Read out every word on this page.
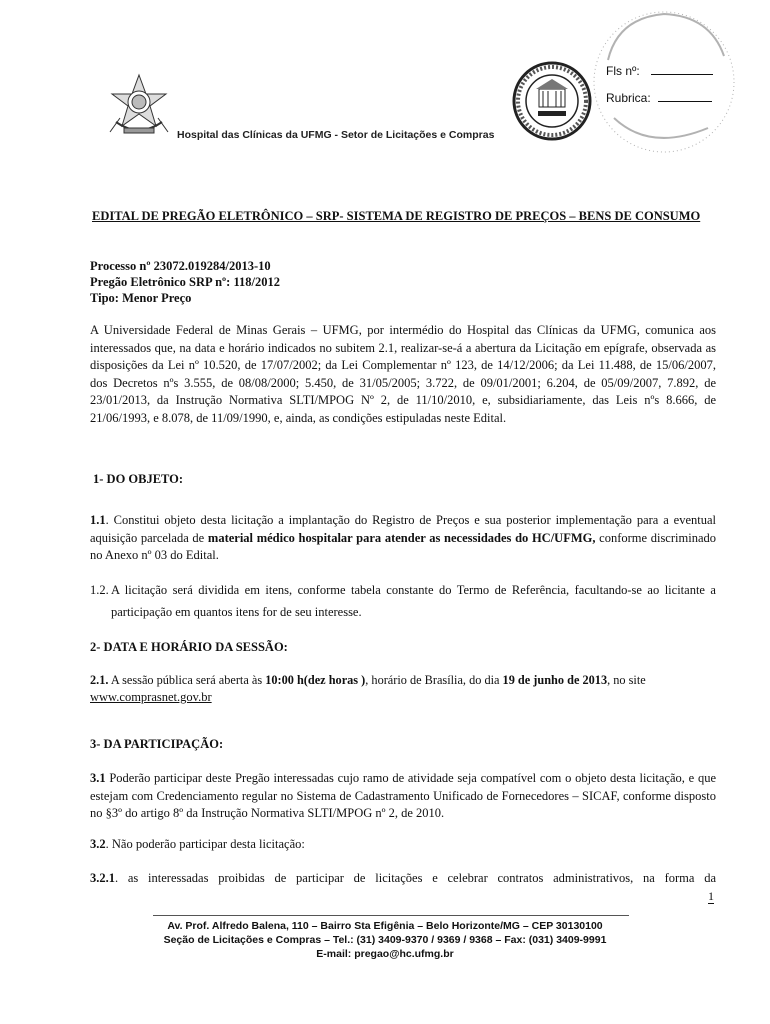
Hospital das Clínicas da UFMG - Setor de Licitações e Compras
Fls nº:
Rubrica:
EDITAL DE PREGÃO ELETRÔNICO – SRP- SISTEMA DE REGISTRO DE PREÇOS – BENS DE CONSUMO
Processo nº 23072.019284/2013-10
Pregão Eletrônico SRP nº: 118/2012
Tipo: Menor Preço
A Universidade Federal de Minas Gerais – UFMG, por intermédio do Hospital das Clínicas da UFMG, comunica aos interessados que, na data e horário indicados no subitem 2.1, realizar-se-á a abertura da Licitação em epígrafe, observada as disposições da Lei nº 10.520, de 17/07/2002; da Lei Complementar nº 123, de 14/12/2006; da Lei 11.488, de 15/06/2007, dos Decretos nºs 3.555, de 08/08/2000; 5.450, de 31/05/2005; 3.722, de 09/01/2001; 6.204, de 05/09/2007, 7.892, de 23/01/2013, da Instrução Normativa SLTI/MPOG Nº 2, de 11/10/2010, e, subsidiariamente, das Leis nºs 8.666, de 21/06/1993, e 8.078, de 11/09/1990, e, ainda, as condições estipuladas neste Edital.
1- DO OBJETO:
1.1. Constitui objeto desta licitação a implantação do Registro de Preços e sua posterior implementação para a eventual aquisição parcelada de material médico hospitalar para atender as necessidades do HC/UFMG, conforme discriminado no Anexo nº 03 do Edital.
1.2. A licitação será dividida em itens, conforme tabela constante do Termo de Referência, facultando-se ao licitante a participação em quantos itens for de seu interesse.
2- DATA E HORÁRIO DA SESSÃO:
2.1. A sessão pública será aberta às 10:00 h(dez horas ), horário de Brasília, do dia 19 de junho de 2013, no site
www.comprasnet.gov.br
3- DA PARTICIPAÇÃO:
3.1 Poderão participar deste Pregão interessadas cujo ramo de atividade seja compatível com o objeto desta licitação, e que estejam com Credenciamento regular no Sistema de Cadastramento Unificado de Fornecedores – SICAF, conforme disposto no §3º do artigo 8º da Instrução Normativa SLTI/MPOG nº 2, de 2010.
3.2. Não poderão participar desta licitação:
3.2.1. as interessadas proibidas de participar de licitações e celebrar contratos administrativos, na forma da
1
Av. Prof. Alfredo Balena, 110 – Bairro Sta Efigênia – Belo Horizonte/MG – CEP 30130100
Seção de Licitações e Compras – Tel.: (31) 3409-9370 / 9369 / 9368 – Fax: (031) 3409-9991
E-mail: pregao@hc.ufmg.br
